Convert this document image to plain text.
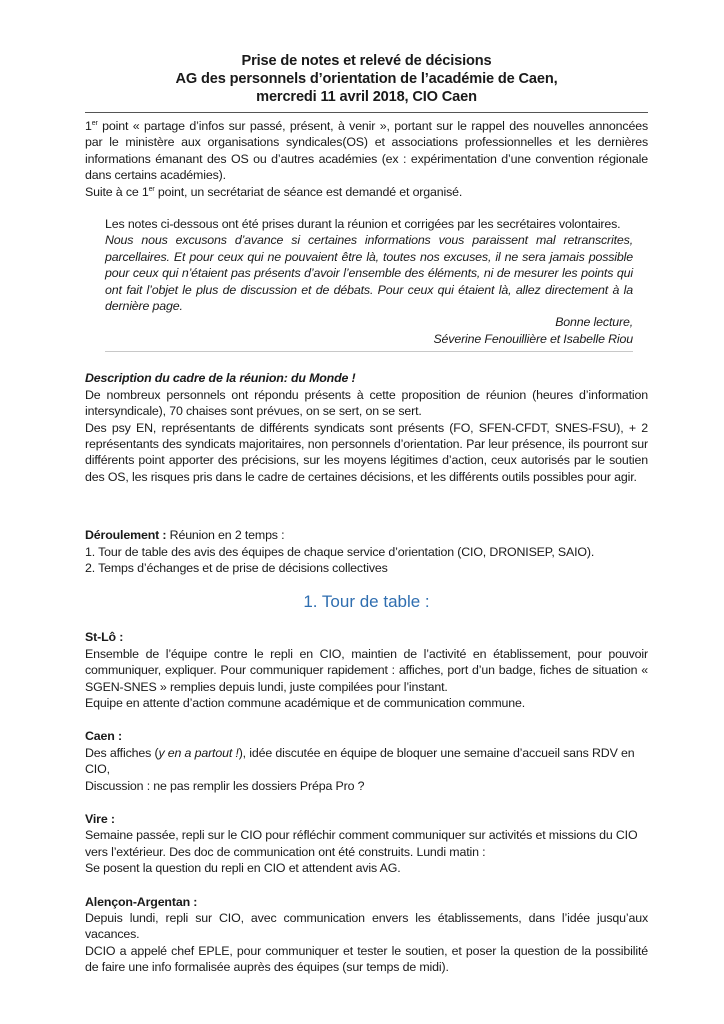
Prise de notes et relevé de décisions
AG des personnels d’orientation de l’académie de Caen,
mercredi 11 avril 2018, CIO Caen

1er point « partage d’infos sur passé, présent, à venir », portant sur le rappel des nouvelles annoncées par le ministère aux organisations syndicales(OS) et associations professionnelles et les dernières informations émanant des OS ou d’autres académies (ex : expérimentation d’une convention régionale dans certains académies).

Suite à ce 1er point, un secrétariat de séance est demandé et organisé.

Les notes ci-dessous ont été prises durant la réunion et corrigées par les secrétaires volontaires.

Nous nous excusons d’avance si certaines informations vous paraissent mal retranscrites, parcellaires. Et pour ceux qui ne pouvaient être là, toutes nos excuses, il ne sera jamais possible pour ceux qui n’étaient pas présents d’avoir l’ensemble des éléments, ni de mesurer les points qui ont fait l’objet le plus de discussion et de débats. Pour ceux qui étaient là, allez directement à la dernière page.

Bonne lecture,

Séverine Fenouillière et Isabelle Riou

Description du cadre de la réunion: du Monde !

De nombreux personnels ont répondu présents à cette proposition de réunion (heures d’information intersyndicale), 70 chaises sont prévues, on se sert, on se sert.

Des psy EN, représentants de différents syndicats sont présents (FO, SFEN-CFDT, SNES-FSU), + 2 représentants des syndicats majoritaires, non personnels d’orientation. Par leur présence, ils pourront sur différents point apporter des précisions, sur les moyens légitimes d’action, ceux autorisés par le soutien des OS, les risques pris dans le cadre de certaines décisions, et les différents outils possibles pour agir.

Déroulement : Réunion en 2 temps :

1. Tour de table des avis des équipes de chaque service d’orientation (CIO, DRONISEP, SAIO).

2. Temps d’échanges et de prise de décisions collectives

1. Tour de table :

St-Lô :

Ensemble de l’équipe contre le repli en CIO, maintien de l’activité en établissement, pour pouvoir communiquer, expliquer. Pour communiquer rapidement : affiches, port d’un badge, fiches de situation « SGEN-SNES » remplies depuis lundi, juste compilées pour l’instant.

Equipe en attente d’action commune académique et de communication commune.

Caen :

Des affiches (y en a partout !), idée discutée en équipe de bloquer une semaine d’accueil sans RDV en CIO,

Discussion : ne pas remplir les dossiers Prépa Pro ?

Vire :

Semaine passée, repli sur le CIO pour réfléchir comment communiquer sur activités et missions du CIO vers l’extérieur. Des doc de communication ont été construits. Lundi matin :

Se posent la question du repli en CIO et attendent avis AG.

Alençon-Argentan :

Depuis lundi, repli sur CIO, avec communication envers les établissements, dans l’idée jusqu’aux vacances.

DCIO a appelé chef EPLE, pour communiquer et tester le soutien, et poser la question de la possibilité de faire une info formalisée auprès des équipes (sur temps de midi).
